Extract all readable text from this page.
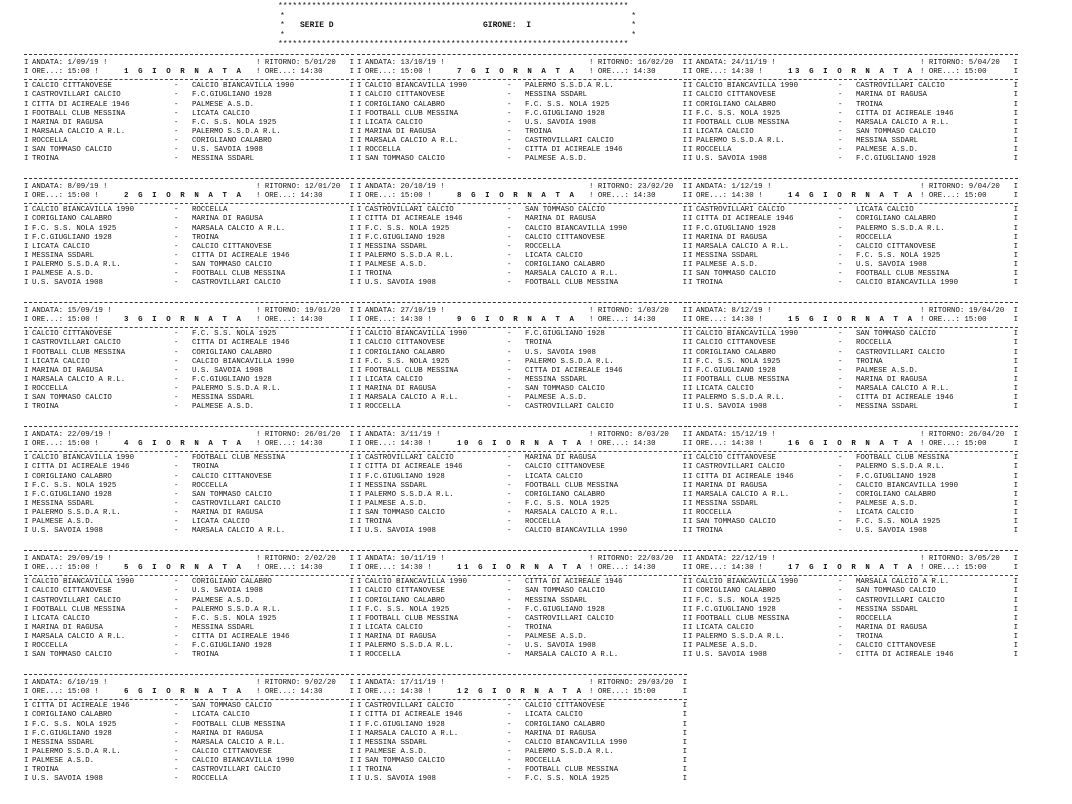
*************************************************************************
*	*
* SERIE D	GIRONE:  I	*
*	*
*************************************************************************
I ANDATA: 1/09/19 !	! RITORNO: 5/01/20 I
I ORE...: 15:00 !	1 G I O R N A T A ! ORE...: 14:30	I
I CALCIO CITTANOVESE	- CALCIO BIANCAVILLA 1990	I
I CASTROVILLARI CALCIO	- F.C.GIUGLIANO 1928	I
I CITTA DI ACIREALE 1946	- PALMESE A.S.D.	I
I FOOTBALL CLUB MESSINA	- LICATA CALCIO	I
I MARINA DI RAGUSA	- F.C. S.S. NOLA 1925	I
I MARSALA CALCIO A R.L.	- PALERMO S.S.D.A R.L.	I
I ROCCELLA	- CORIGLIANO CALABRO	I
I SAN TOMMASO CALCIO	- U.S. SAVOIA 1908	I
I TROINA	- MESSINA SSDARL	I
I ANDATA: 8/09/19 !	! RITORNO: 12/01/20 I
I ORE...: 15:00 !	2 G I O R N A T A ! ORE...: 14:30	I
I CALCIO BIANCAVILLA 1990	- ROCCELLA	I
I CORIGLIANO CALABRO	- MARINA DI RAGUSA	I
I F.C. S.S. NOLA 1925	- MARSALA CALCIO A R.L.	I
I F.C.GIUGLIANO 1928	- TROINA	I
I LICATA CALCIO	- CALCIO CITTANOVESE	I
I MESSINA SSDARL	- CITTA DI ACIREALE 1946	I
I PALERMO S.S.D.A R.L.	- SAN TOMMASO CALCIO	I
I PALMESE A.S.D.	- FOOTBALL CLUB MESSINA	I
I U.S. SAVOIA 1908	- CASTROVILLARI CALCIO	I
I ANDATA: 15/09/19 !	! RITORNO: 19/01/20 I
I ORE...: 15:00 !	3 G I O R N A T A ! ORE...: 14:30	I
I CALCIO CITTANOVESE	- F.C. S.S. NOLA 1925	I
I CASTROVILLARI CALCIO	- CITTA DI ACIREALE 1946	I
I FOOTBALL CLUB MESSINA	- CORIGLIANO CALABRO	I
I LICATA CALCIO	- CALCIO BIANCAVILLA 1990	I
I MARINA DI RAGUSA	- U.S. SAVOIA 1908	I
I MARSALA CALCIO A R.L.	- F.C.GIUGLIANO 1928	I
I ROCCELLA	- PALERMO S.S.D.A R.L.	I
I SAN TOMMASO CALCIO	- MESSINA SSDARL	I
I TROINA	- PALMESE A.S.D.	I
I ANDATA: 22/09/19 !	! RITORNO: 26/01/20 I
I ORE...: 15:00 !	4 G I O R N A T A ! ORE...: 14:30	I
I CALCIO BIANCAVILLA 1990	- FOOTBALL CLUB MESSINA	I
I CITTA DI ACIREALE 1946	- TROINA	I
I CORIGLIANO CALABRO	- CALCIO CITTANOVESE	I
I F.C. S.S. NOLA 1925	- ROCCELLA	I
I F.C.GIUGLIANO 1928	- SAN TOMMASO CALCIO	I
I MESSINA SSDARL	- CASTROVILLARI CALCIO	I
I PALERMO S.S.D.A R.L.	- MARINA DI RAGUSA	I
I PALMESE A.S.D.	- LICATA CALCIO	I
I U.S. SAVOIA 1908	- MARSALA CALCIO A R.L.	I
I ANDATA: 29/09/19 !	! RITORNO: 2/02/20 I
I ORE...: 15:00 !	5 G I O R N A T A ! ORE...: 14:30	I
I CALCIO BIANCAVILLA 1990	- CORIGLIANO CALABRO	I
I CALCIO CITTANOVESE	- U.S. SAVOIA 1908	I
I CASTROVILLARI CALCIO	- PALMESE A.S.D.	I
I FOOTBALL CLUB MESSINA	- PALERMO S.S.D.A R.L.	I
I LICATA CALCIO	- F.C. S.S. NOLA 1925	I
I MARINA DI RAGUSA	- MESSINA SSDARL	I
I MARSALA CALCIO A R.L.	- CITTA DI ACIREALE 1946	I
I ROCCELLA	- F.C.GIUGLIANO 1928	I
I SAN TOMMASO CALCIO	- TROINA	I
I ANDATA: 6/10/19 !	! RITORNO: 9/02/20 I
I ORE...: 15:00 !	6 G I O R N A T A ! ORE...: 14:30	I
I CITTA DI ACIREALE 1946	- SAN TOMMASO CALCIO	I
I CORIGLIANO CALABRO	- LICATA CALCIO	I
I F.C. S.S. NOLA 1925	- FOOTBALL CLUB MESSINA	I
I F.C.GIUGLIANO 1928	- MARINA DI RAGUSA	I
I MESSINA SSDARL	- MARSALA CALCIO A R.L.	I
I PALERMO S.S.D.A R.L.	- CALCIO CITTANOVESE	I
I PALMESE A.S.D.	- CALCIO BIANCAVILLA 1990	I
I TROINA	- CASTROVILLARI CALCIO	I
I U.S. SAVOIA 1908	- ROCCELLA	I
I ANDATA: 13/10/19 !	! RITORNO: 16/02/20 I
I ORE...: 15:00 !	7 G I O R N A T A ! ORE...: 14:30	I
I CALCIO BIANCAVILLA 1990	- PALERMO S.S.D.A R.L.	I
I CALCIO CITTANOVESE	- MESSINA SSDARL	I
I CORIGLIANO CALABRO	- F.C. S.S. NOLA 1925	I
I FOOTBALL CLUB MESSINA	- F.C.GIUGLIANO 1928	I
I LICATA CALCIO	- U.S. SAVOIA 1908	I
I MARINA DI RAGUSA	- TROINA	I
I MARSALA CALCIO A R.L.	- CASTROVILLARI CALCIO	I
I ROCCELLA	- CITTA DI ACIREALE 1946	I
I SAN TOMMASO CALCIO	- PALMESE A.S.D.	I
I ANDATA: 20/10/19 !	! RITORNO: 23/02/20 I
I ORE...: 15:00 !	8 G I O R N A T A ! ORE...: 14:30	I
I CASTROVILLARI CALCIO	- SAN TOMMASO CALCIO	I
I CITTA DI ACIREALE 1946	- MARINA DI RAGUSA	I
I F.C. S.S. NOLA 1925	- CALCIO BIANCAVILLA 1990	I
I F.C.GIUGLIANO 1928	- CALCIO CITTANOVESE	I
I MESSINA SSDARL	- ROCCELLA	I
I PALERMO S.S.D.A R.L.	- LICATA CALCIO	I
I PALMESE A.S.D.	- CORIGLIANO CALABRO	I
I TROINA	- MARSALA CALCIO A R.L.	I
I U.S. SAVOIA 1908	- FOOTBALL CLUB MESSINA	I
I ANDATA: 27/10/19 !	! RITORNO: 1/03/20 I
I ORE...: 14:30 !	9 G I O R N A T A ! ORE...: 14:30	I
I CALCIO BIANCAVILLA 1990	- F.C.GIUGLIANO 1928	I
I CALCIO CITTANOVESE	- TROINA	I
I CORIGLIANO CALABRO	- U.S. SAVOIA 1908	I
I F.C. S.S. NOLA 1925	- PALERMO S.S.D.A R.L.	I
I FOOTBALL CLUB MESSINA	- CITTA DI ACIREALE 1946	I
I LICATA CALCIO	- MESSINA SSDARL	I
I MARINA DI RAGUSA	- SAN TOMMASO CALCIO	I
I MARSALA CALCIO A R.L.	- PALMESE A.S.D.	I
I ROCCELLA	- CASTROVILLARI CALCIO	I
I ANDATA: 3/11/19 !	! RITORNO: 8/03/20 I
I ORE...: 14:30 !	10 G I O R N A T A ! ORE...: 14:30	I
I CASTROVILLARI CALCIO	- MARINA DI RAGUSA	I
I CITTA DI ACIREALE 1946	- CALCIO CITTANOVESE	I
I F.C.GIUGLIANO 1928	- LICATA CALCIO	I
I MESSINA SSDARL	- FOOTBALL CLUB MESSINA	I
I PALERMO S.S.D.A R.L.	- CORIGLIANO CALABRO	I
I PALMESE A.S.D.	- F.C. S.S. NOLA 1925	I
I SAN TOMMASO CALCIO	- MARSALA CALCIO A R.L.	I
I TROINA	- ROCCELLA	I
I U.S. SAVOIA 1908	- CALCIO BIANCAVILLA 1990	I
I ANDATA: 10/11/19 !	! RITORNO: 22/03/20 I
I ORE...: 14:30 !	11 G I O R N A T A ! ORE...: 14:30	I
I CALCIO BIANCAVILLA 1990	- CITTA DI ACIREALE 1946	I
I CALCIO CITTANOVESE	- SAN TOMMASO CALCIO	I
I CORIGLIANO CALABRO	- MESSINA SSDARL	I
I F.C. S.S. NOLA 1925	- F.C.GIUGLIANO 1928	I
I FOOTBALL CLUB MESSINA	- CASTROVILLARI CALCIO	I
I LICATA CALCIO	- TROINA	I
I MARINA DI RAGUSA	- PALMESE A.S.D.	I
I PALERMO S.S.D.A R.L.	- U.S. SAVOIA 1908	I
I ROCCELLA	- MARSALA CALCIO A R.L.	I
I ANDATA: 17/11/19 !	! RITORNO: 29/03/20 I
I ORE...: 14:30 !	12 G I O R N A T A ! ORE...: 15:00	I
I CASTROVILLARI CALCIO	- CALCIO CITTANOVESE	I
I CITTA DI ACIREALE 1946	- LICATA CALCIO	I
I F.C.GIUGLIANO 1928	- CORIGLIANO CALABRO	I
I MARSALA CALCIO A R.L.	- MARINA DI RAGUSA	I
I MESSINA SSDARL	- CALCIO BIANCAVILLA 1990	I
I PALMESE A.S.D.	- PALERMO S.S.D.A R.L.	I
I SAN TOMMASO CALCIO	- ROCCELLA	I
I TROINA	- FOOTBALL CLUB MESSINA	I
I U.S. SAVOIA 1908	- F.C. S.S. NOLA 1925	I
I ANDATA: 24/11/19 !	! RITORNO: 5/04/20 I
I ORE...: 14:30 !	13 G I O R N A T A ! ORE...: 15:00	I
I CALCIO BIANCAVILLA 1990	- CASTROVILLARI CALCIO	I
I CALCIO CITTANOVESE	- MARINA DI RAGUSA	I
I CORIGLIANO CALABRO	- TROINA	I
I F.C. S.S. NOLA 1925	- CITTA DI ACIREALE 1946	I
I FOOTBALL CLUB MESSINA	- MARSALA CALCIO A R.L.	I
I LICATA CALCIO	- SAN TOMMASO CALCIO	I
I PALERMO S.S.D.A R.L.	- MESSINA SSDARL	I
I ROCCELLA	- PALMESE A.S.D.	I
I U.S. SAVOIA 1908	- F.C.GIUGLIANO 1928	I
I ANDATA: 1/12/19 !	! RITORNO: 9/04/20 I
I ORE...: 14:30 !	14 G I O R N A T A ! ORE...: 15:00	I
I CASTROVILLARI CALCIO	- LICATA CALCIO	I
I CITTA DI ACIREALE 1946	- CORIGLIANO CALABRO	I
I F.C.GIUGLIANO 1928	- PALERMO S.S.D.A R.L.	I
I MARINA DI RAGUSA	- ROCCELLA	I
I MARSALA CALCIO A R.L.	- CALCIO CITTANOVESE	I
I MESSINA SSDARL	- F.C. S.S. NOLA 1925	I
I PALMESE A.S.D.	- U.S. SAVOIA 1908	I
I SAN TOMMASO CALCIO	- FOOTBALL CLUB MESSINA	I
I TROINA	- CALCIO BIANCAVILLA 1990	I
I ANDATA: 8/12/19 !	! RITORNO: 19/04/20 I
I ORE...: 14:30 !	15 G I O R N A T A ! ORE...: 15:00	I
I CALCIO BIANCAVILLA 1990	- SAN TOMMASO CALCIO	I
I CALCIO CITTANOVESE	- ROCCELLA	I
I CORIGLIANO CALABRO	- CASTROVILLARI CALCIO	I
I F.C. S.S. NOLA 1925	- TROINA	I
I F.C.GIUGLIANO 1928	- PALMESE A.S.D.	I
I FOOTBALL CLUB MESSINA	- MARINA DI RAGUSA	I
I LICATA CALCIO	- MARSALA CALCIO A R.L.	I
I PALERMO S.S.D.A R.L.	- CITTA DI ACIREALE 1946	I
I U.S. SAVOIA 1908	- MESSINA SSDARL	I
I ANDATA: 15/12/19 !	! RITORNO: 26/04/20 I
I ORE...: 14:30 !	16 G I O R N A T A ! ORE...: 15:00	I
I CALCIO CITTANOVESE	- FOOTBALL CLUB MESSINA	I
I CASTROVILLARI CALCIO	- PALERMO S.S.D.A R.L.	I
I CITTA DI ACIREALE 1946	- F.C.GIUGLIANO 1928	I
I MARINA DI RAGUSA	- CALCIO BIANCAVILLA 1990	I
I MARSALA CALCIO A R.L.	- CORIGLIANO CALABRO	I
I MESSINA SSDARL	- PALMESE A.S.D.	I
I ROCCELLA	- LICATA CALCIO	I
I SAN TOMMASO CALCIO	- F.C. S.S. NOLA 1925	I
I TROINA	- U.S. SAVOIA 1908	I
I ANDATA: 22/12/19 !	! RITORNO: 3/05/20 I
I ORE...: 14:30 !	17 G I O R N A T A ! ORE...: 15:00	I
I CALCIO BIANCAVILLA 1990	- MARSALA CALCIO A R.L.	I
I CORIGLIANO CALABRO	- SAN TOMMASO CALCIO	I
I F.C. S.S. NOLA 1925	- CASTROVILLARI CALCIO	I
I F.C.GIUGLIANO 1928	- MESSINA SSDARL	I
I FOOTBALL CLUB MESSINA	- ROCCELLA	I
I LICATA CALCIO	- MARINA DI RAGUSA	I
I PALERMO S.S.D.A R.L.	- TROINA	I
I PALMESE A.S.D.	- CALCIO CITTANOVESE	I
I U.S. SAVOIA 1908	- CITTA DI ACIREALE 1946	I
